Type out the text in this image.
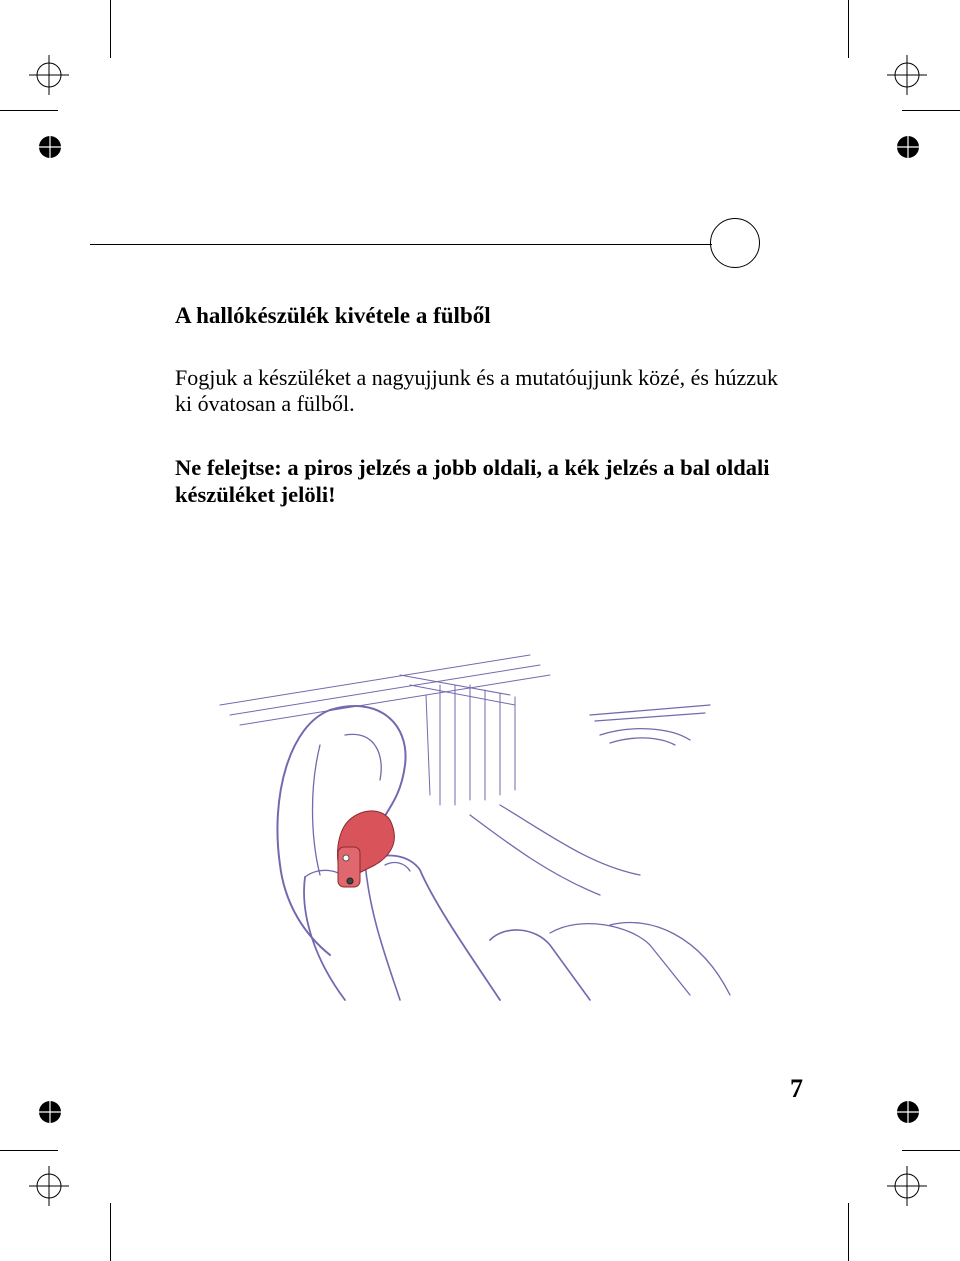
A hallókészülék kivétele a fülből

Fogjuk a készüléket a nagyujjunk és a mutatóujjunk közé, és húzzuk ki óvatosan a fülből.

Ne felejtse: a piros jelzés a jobb oldali, a kék jelzés a bal oldali készüléket jelöli!

7
